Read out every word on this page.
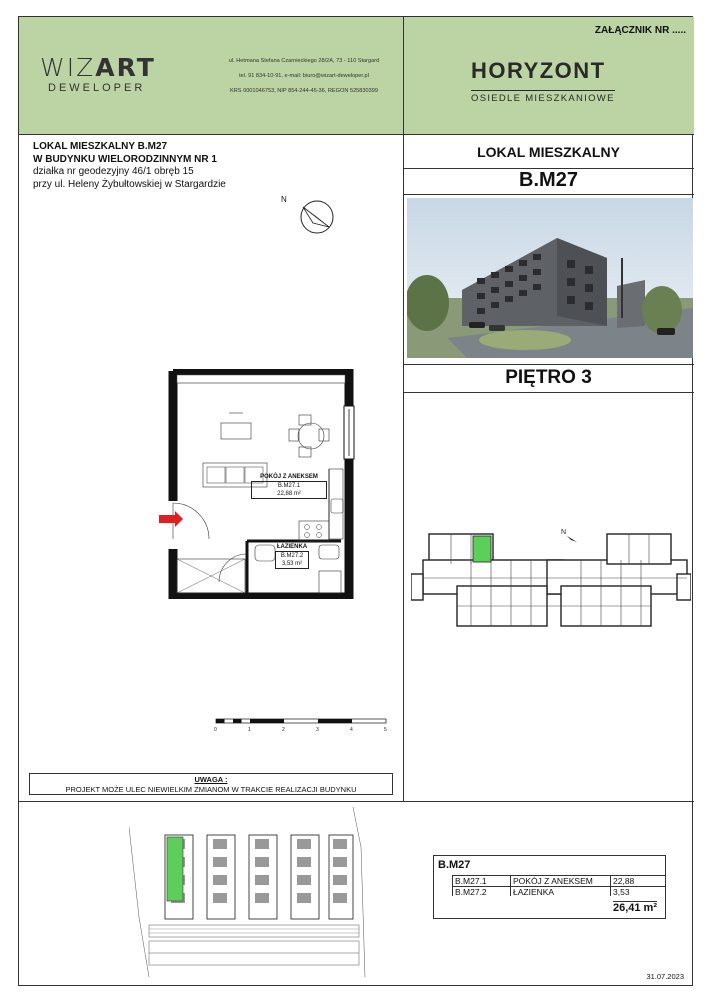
WIZART
DEWELOPER
ul. Hetmana Stefana Czarnieckiego 28/2A, 73 - 110 Stargard
tel. 91 834-10-91, e-mail: biuro@wizart-deweloper.pl
KRS 0001046753, NIP 854-244-45-36, REGON 525830399
ZAŁĄCZNIK NR .....
HORYZONT
OSIEDLE MIESZKANIOWE
LOKAL MIESZKALNY B.M27
W BUDYNKU WIELORODZINNYM NR 1
działka nr geodezyjny 46/1 obręb 15
przy ul. Heleny Żybułtowskiej w Stargardzie
N
POKÓJ Z ANEKSEM
B.M27.1
22,88 m²
ŁAZIENKA
B.M27.2
3,53 m²
0	1	2	3	4	5
UWAGA :
PROJEKT MOŻE ULEC NIEWIELKIM ZMIANOM W TRAKCIE REALIZACJI BUDYNKU
LOKAL MIESZKALNY
B.M27
PIĘTRO 3
N
B.M27
B.M27.1	POKÓJ Z ANEKSEM	22,88
B.M27.2	ŁAZIENKA	3,53
26,41 m²
31.07.2023
